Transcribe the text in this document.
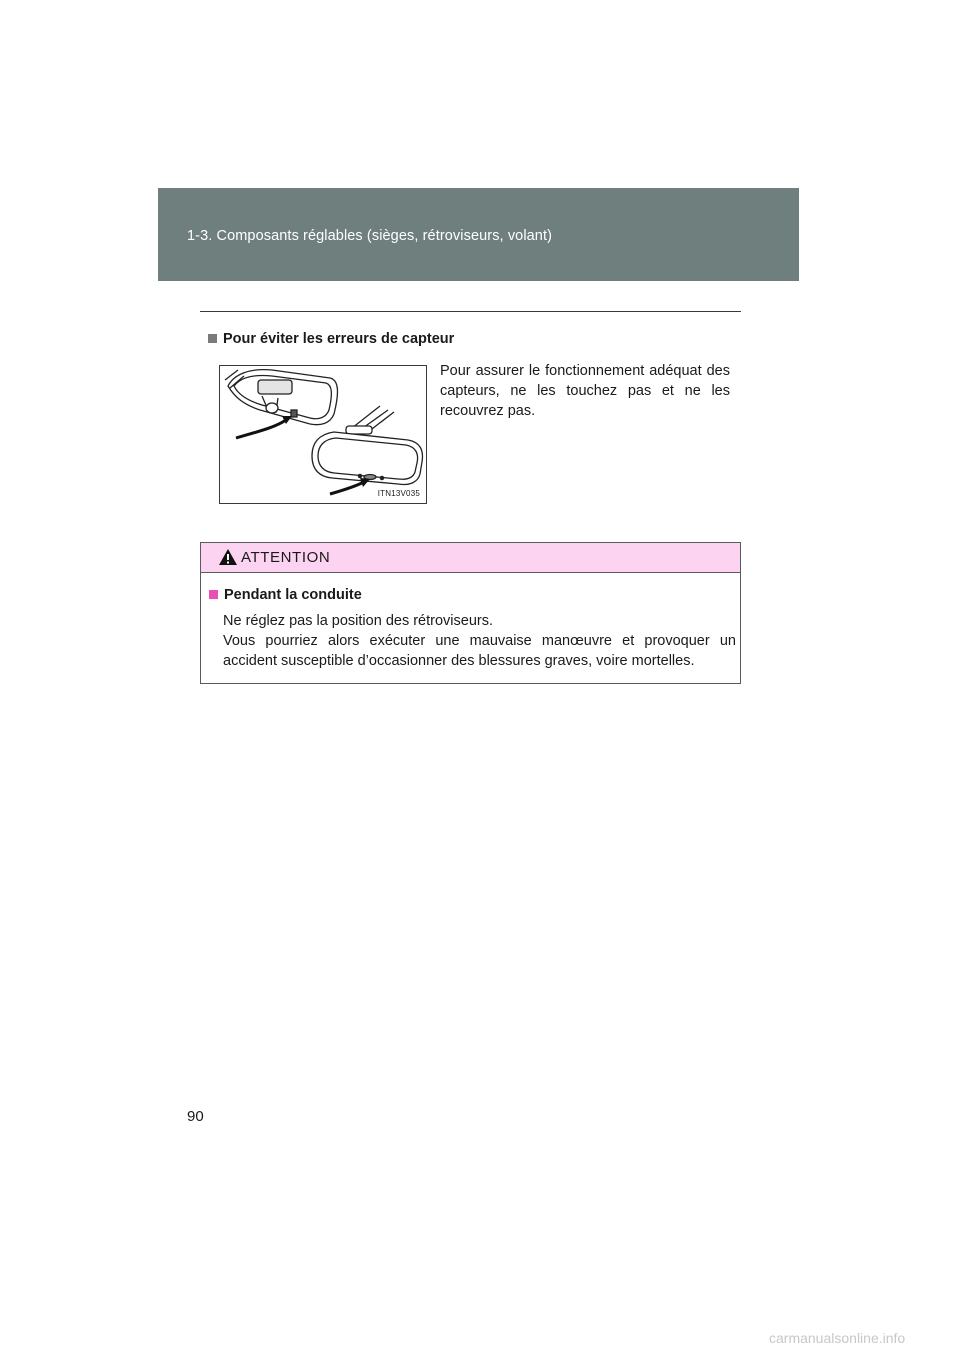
1-3. Composants réglables (sièges, rétroviseurs, volant)
Pour éviter les erreurs de capteur
ITN13V035
Pour assurer le fonctionnement adéquat des capteurs, ne les touchez pas et ne les recouvrez pas.
ATTENTION
Pendant la conduite
Ne réglez pas la position des rétroviseurs.
Vous pourriez alors exécuter une mauvaise manœuvre et provoquer un accident susceptible d’occasionner des blessures graves, voire mortelles.
90
carmanualsonline.info
